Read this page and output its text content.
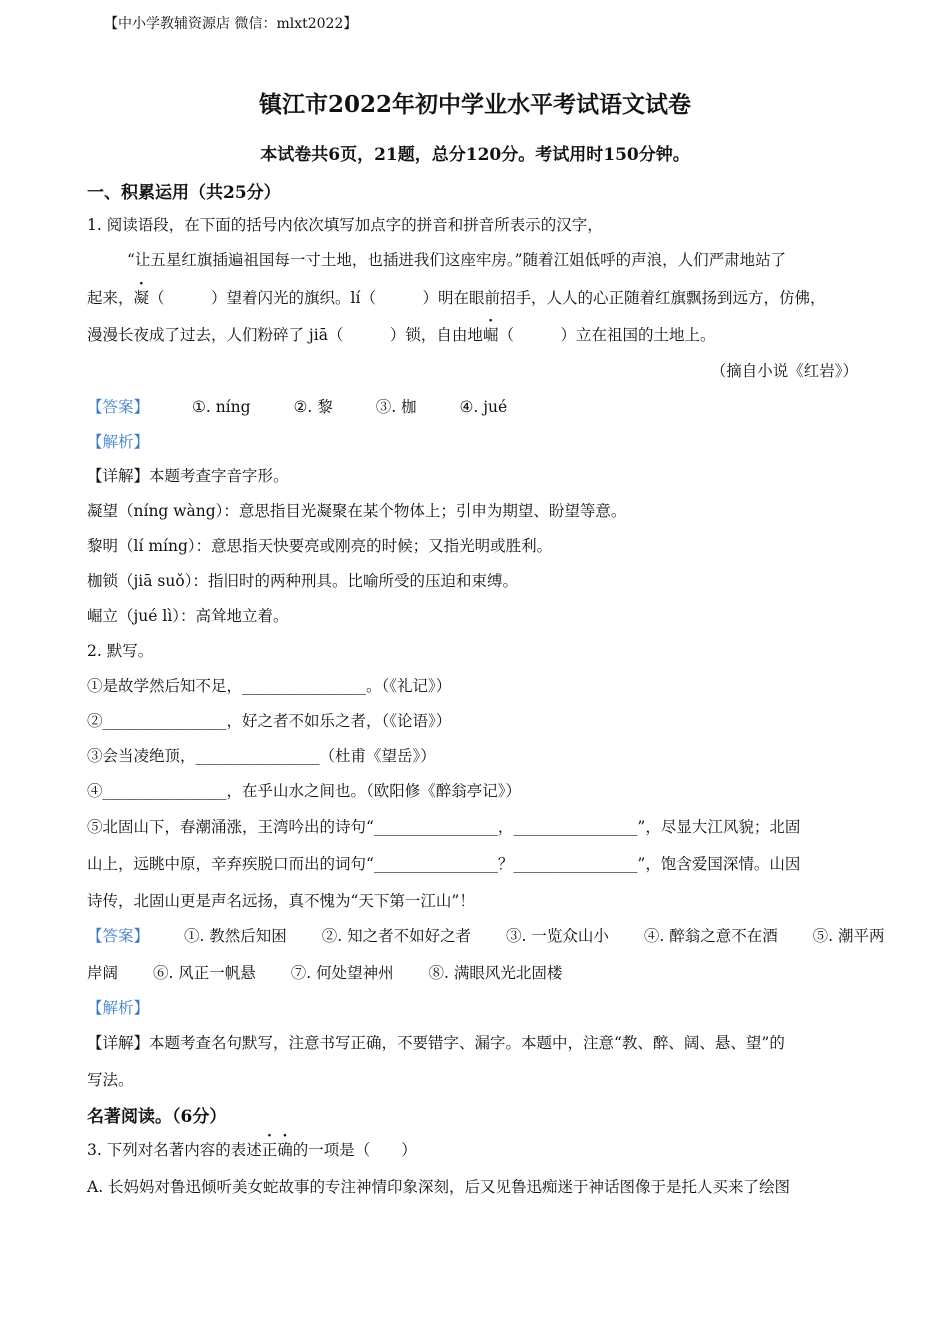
【中小学教辅资源店 微信：mlxt2022】
镇江市2022年初中学业水平考试语文试卷
本试卷共6页，21题，总分120分。考试用时150分钟。
一、积累运用（共25分）
1. 阅读语段，在下面的括号内依次填写加点字的拼音和拼音所表示的汉字，
“让五星红旗插遍祖国每一寸土地，也插进我们这座牢房。”随着江姐低呼的声浪，人们严肃地站了
起来，凝（　　　）望着闪光的旗织。lí（　　　）明在眼前招手，人人的心正随着红旗飘扬到远方，仿佛，
漫漫长夜成了过去，人们粉碎了 jiā（　　　）锁，自由地崛（　　　）立在祖国的土地上。
（摘自小说《红岩》）
【答案】	①. níng	②. 黎	③. 枷	④. jué
【解析】
【详解】本题考查字音字形。
凝望（níng wàng）：意思指目光凝聚在某个物体上；引申为期望、盼望等意。
黎明（lí míng）：意思指天快要亮或刚亮的时候；又指光明或胜利。
枷锁（jiā suǒ）：指旧时的两种刑具。比喻所受的压迫和束缚。
崛立（jué lì）：高耸地立着。
2. 默写。
①是故学然后知不足，________________。（《礼记》）
②________________，好之者不如乐之者，（《论语》）
③会当凌绝顶，________________（杜甫《望岳》）
④________________，在乎山水之间也。（欧阳修《醉翁亭记》）
⑤北固山下，春潮涌涨，王湾吟出的诗句“________________，________________”，尽显大江风貌；北固
山上，远眺中原，辛弃疾脱口而出的词句“________________？________________”，饱含爱国深情。山因
诗传，北固山更是声名远扬，真不愧为“天下第一江山”！
【答案】 ①. 教然后知困 ②. 知之者不如好之者 ③. 一览众山小 ④. 醉翁之意不在酒 ⑤. 潮平两
岸阔 ⑥. 风正一帆悬 ⑦. 何处望神州 ⑧. 满眼风光北固楼
【解析】
【详解】本题考查名句默写，注意书写正确，不要错字、漏字。本题中，注意“教、醉、阔、悬、望”的
写法。
名著阅读。（6分）
3. 下列对名著内容的表述正确的一项是（　　）
A. 长妈妈对鲁迅倾听美女蛇故事的专注神情印象深刻，后又见鲁迅痴迷于神话图像于是托人买来了绘图
